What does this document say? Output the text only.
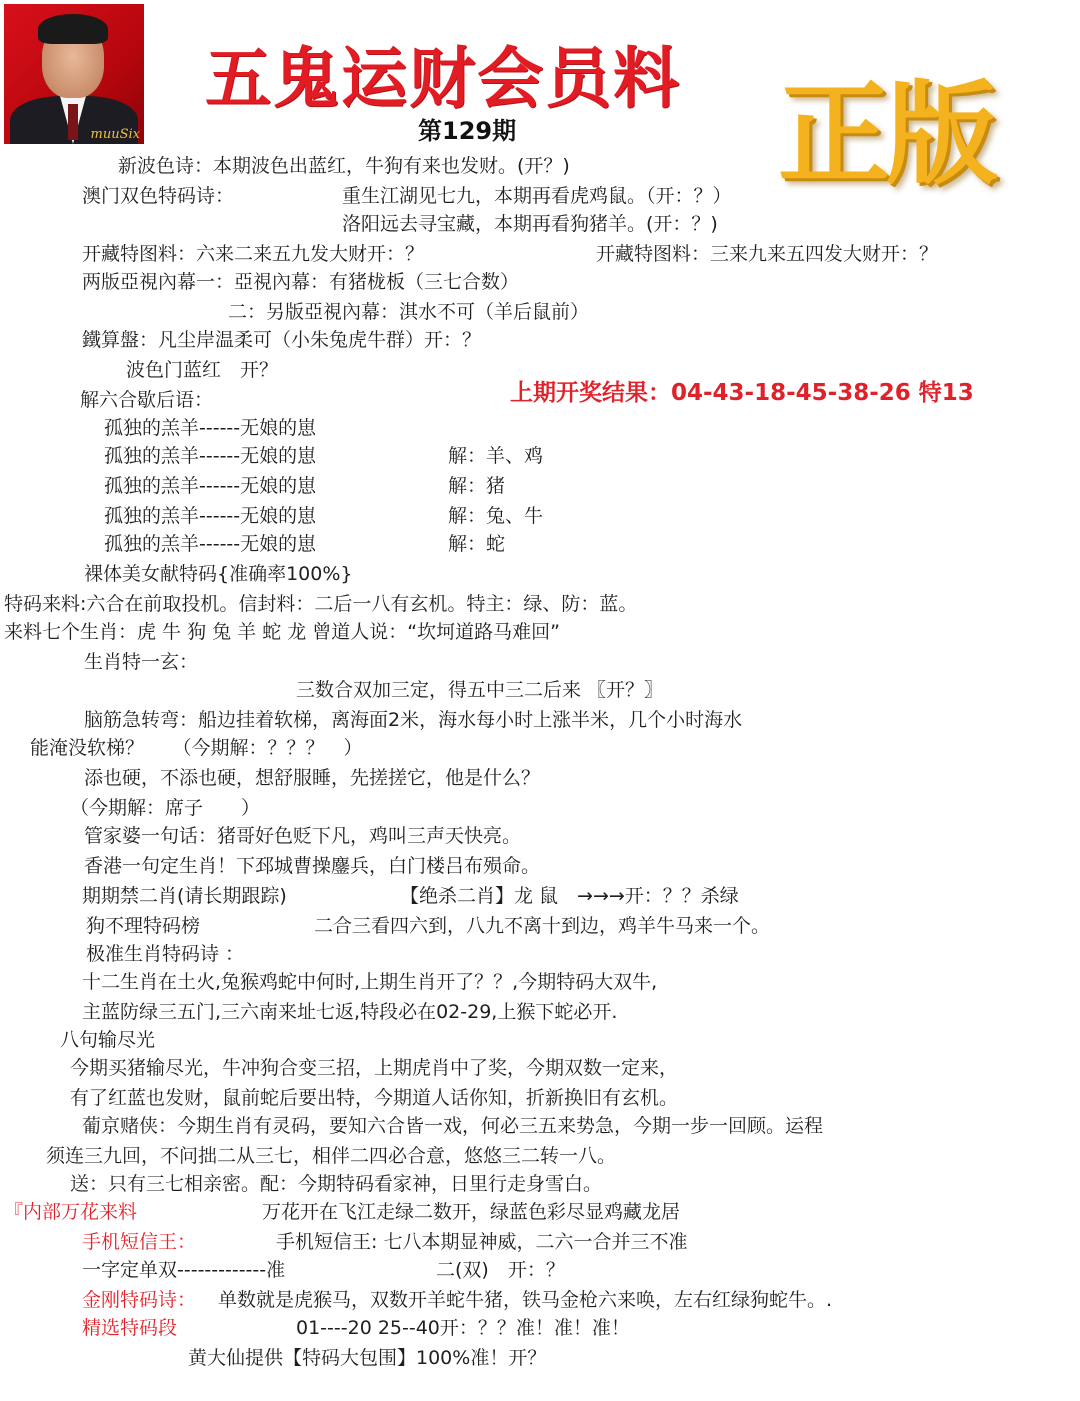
muuSix
五鬼运财会员料
第129期 正版
上期开奖结果：04-43-18-45-38-26 特13
新波色诗：本期波色出蓝红，牛狗有来也发财。(开？)
澳门双色特码诗：	重生江湖见七九，本期再看虎鸡鼠。（开：？）
洛阳远去寻宝藏，本期再看狗猪羊。(开：？)
开藏特图料：六来二来五九发大财开：？	开藏特图料：三来九来五四发大财开：？
两版亞視內幕一：亞視內幕：有猪栊板（三七合数）
二：另版亞視內幕：淇水不可（羊后鼠前）
鐵算盤：凡尘岸温柔可（小朱兔虎牛群）开：？
波色门蓝红　开？
解六合歇后语：
孤独的羔羊------无娘的崽
孤独的羔羊------无娘的崽	解：羊、鸡
孤独的羔羊------无娘的崽	解：猪
孤独的羔羊------无娘的崽	解：兔、牛
孤独的羔羊------无娘的崽	解：蛇
裸体美女献特码{准确率100%}
特码来料:六合在前取投机。信封料：二后一八有玄机。特主：绿、防：蓝。
来料七个生肖：虎 牛 狗 兔 羊 蛇 龙 曾道人说：“坎坷道路马难回”
生肖特一玄：
三数合双加三定，得五中三二后来 〖开？〗
脑筋急转弯：船边挂着软梯，离海面2米，海水每小时上涨半米，几个小时海水
能淹没软梯？　　（今期解：？？？　）
添也硬，不添也硬，想舒服睡，先搓搓它，他是什么？
（今期解：席子　　）
管家婆一句话：猪哥好色贬下凡，鸡叫三声天快亮。
香港一句定生肖！下邳城曹操鏖兵，白门楼吕布殒命。
期期禁二肖(请长期跟踪)	【绝杀二肖】龙 鼠　→→→开：？？杀绿
狗不理特码榜	二合三看四六到，八九不离十到边，鸡羊牛马来一个。
极准生肖特码诗 ：
十二生肖在土火,兔猴鸡蛇中何时,上期生肖开了？？,今期特码大双牛,
主蓝防绿三五门,三六南来址七返,特段必在02-29,上猴下蛇必开.
八句输尽光
今期买猪输尽光，牛冲狗合变三招，上期虎肖中了奖，今期双数一定来，
有了红蓝也发财，鼠前蛇后要出特，今期道人话你知，折新换旧有玄机。
葡京赌侠：今期生肖有灵码，要知六合皆一戏，何必三五来势急，今期一步一回顾。运程
须连三九回，不问拙二从三七，相伴二四必合意，悠悠三二转一八。
送：只有三七相亲密。配：今期特码看家神，日里行走身雪白。
『内部万花来料	万花开在飞江走绿二数开，绿蓝色彩尽显鸡藏龙居
手机短信王：	手机短信王: 七八本期显神威，二六一合并三不准
一字定单双-------------准	二(双)　开：？
金刚特码诗： 单数就是虎猴马，双数开羊蛇牛猪，铁马金枪六来唤，左右红绿狗蛇牛。.
精选特码段	01----20 25--40开：？？准！准！准！
黄大仙提供【特码大包围】100%准！开？
